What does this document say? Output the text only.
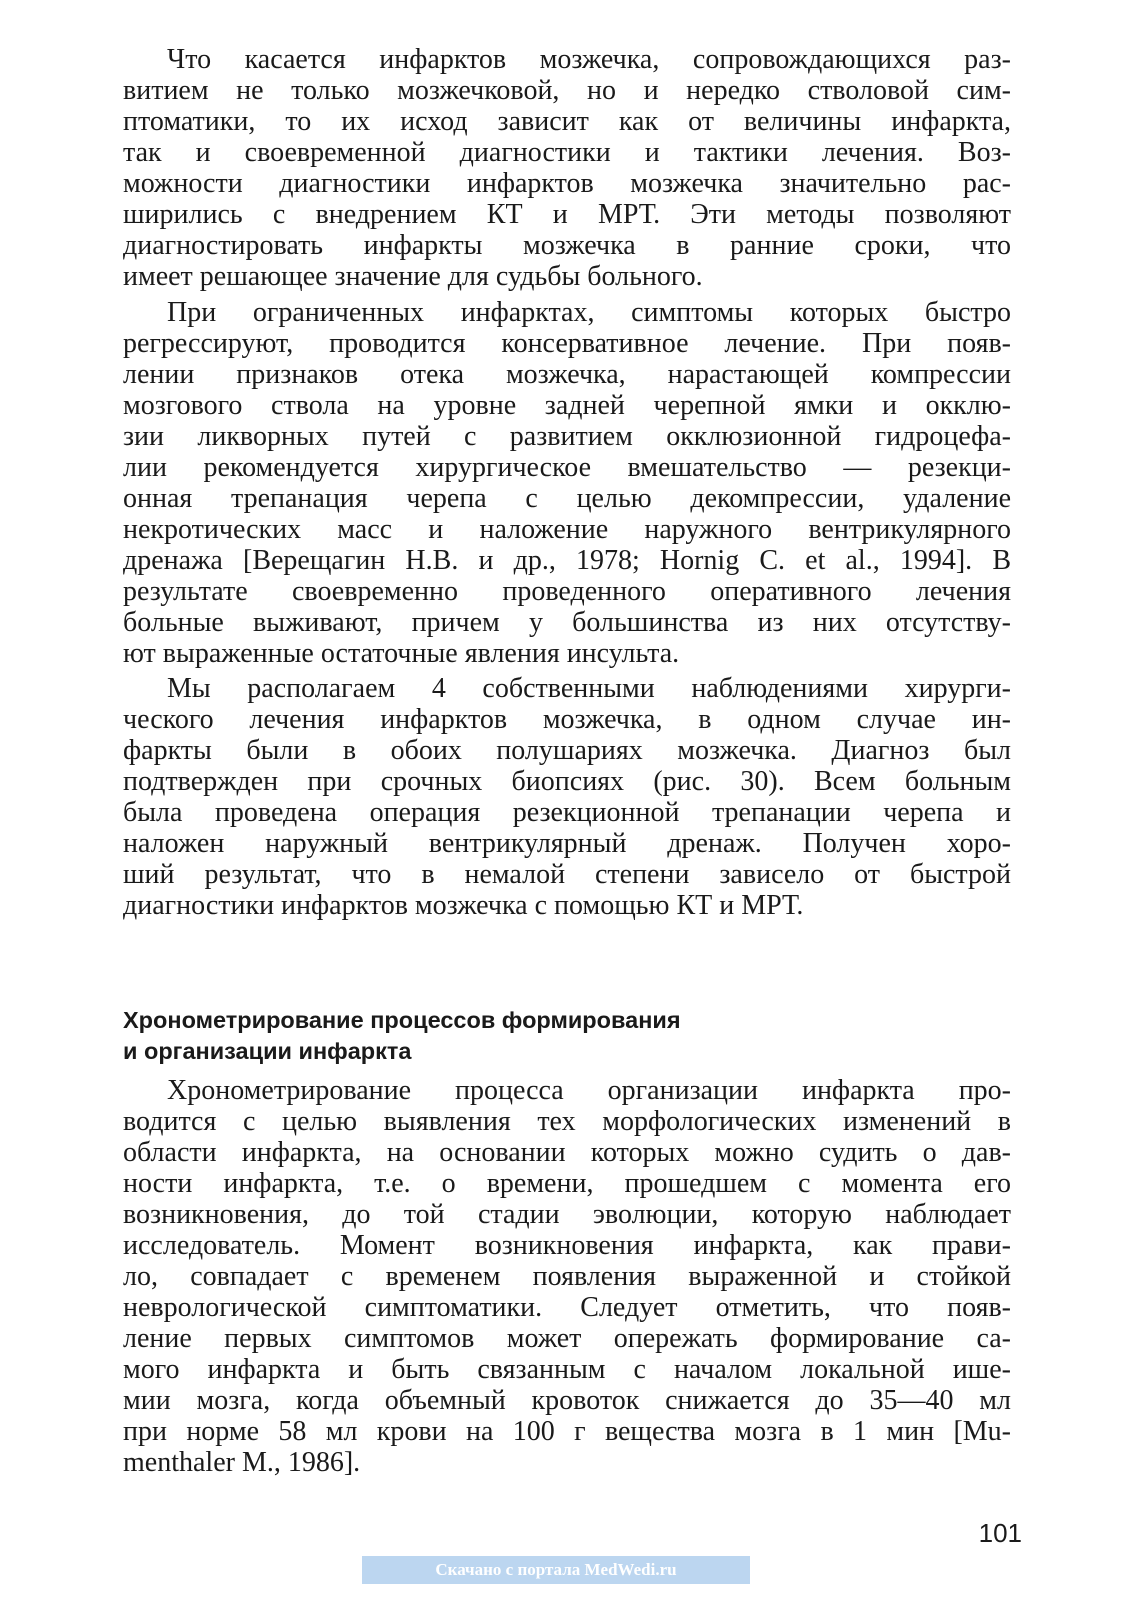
Что касается инфарктов мозжечка, сопровождающихся раз-
витием не только мозжечковой, но и нередко стволовой сим-
птоматики, то их исход зависит как от величины инфаркта,
так и своевременной диагностики и тактики лечения. Воз-
можности диагностики инфарктов мозжечка значительно рас-
ширились с внедрением КТ и МРТ. Эти методы позволяют
диагностировать инфаркты мозжечка в ранние сроки, что
имеет решающее значение для судьбы больного.
При ограниченных инфарктах, симптомы которых быстро
регрессируют, проводится консервативное лечение. При появ-
лении признаков отека мозжечка, нарастающей компрессии
мозгового ствола на уровне задней черепной ямки и окклю-
зии ликворных путей с развитием окклюзионной гидроцефа-
лии рекомендуется хирургическое вмешательство — резекци-
онная трепанация черепа с целью декомпрессии, удаление
некротических масс и наложение наружного вентрикулярного
дренажа [Верещагин Н.В. и др., 1978; Hornig С. et al., 1994]. В
результате своевременно проведенного оперативного лечения
больные выживают, причем у большинства из них отсутству-
ют выраженные остаточные явления инсульта.
Мы располагаем 4 собственными наблюдениями хирурги-
ческого лечения инфарктов мозжечка, в одном случае ин-
фаркты были в обоих полушариях мозжечка. Диагноз был
подтвержден при срочных биопсиях (рис. 30). Всем больным
была проведена операция резекционной трепанации черепа и
наложен наружный вентрикулярный дренаж. Получен хоро-
ший результат, что в немалой степени зависело от быстрой
диагностики инфарктов мозжечка с помощью КТ и МРТ.
Хронометрирование процессов формирования
и организации инфаркта
Хронометрирование процесса организации инфаркта про-
водится с целью выявления тех морфологических изменений в
области инфаркта, на основании которых можно судить о дав-
ности инфаркта, т.е. о времени, прошедшем с момента его
возникновения, до той стадии эволюции, которую наблюдает
исследователь. Момент возникновения инфаркта, как прави-
ло, совпадает с временем появления выраженной и стойкой
неврологической симптоматики. Следует отметить, что появ-
ление первых симптомов может опережать формирование са-
мого инфаркта и быть связанным с началом локальной ише-
мии мозга, когда объемный кровоток снижается до 35—40 мл
при норме 58 мл крови на 100 г вещества мозга в 1 мин [Mu-
menthaler М., 1986].
101
Скачано с портала MedWedi.ru
